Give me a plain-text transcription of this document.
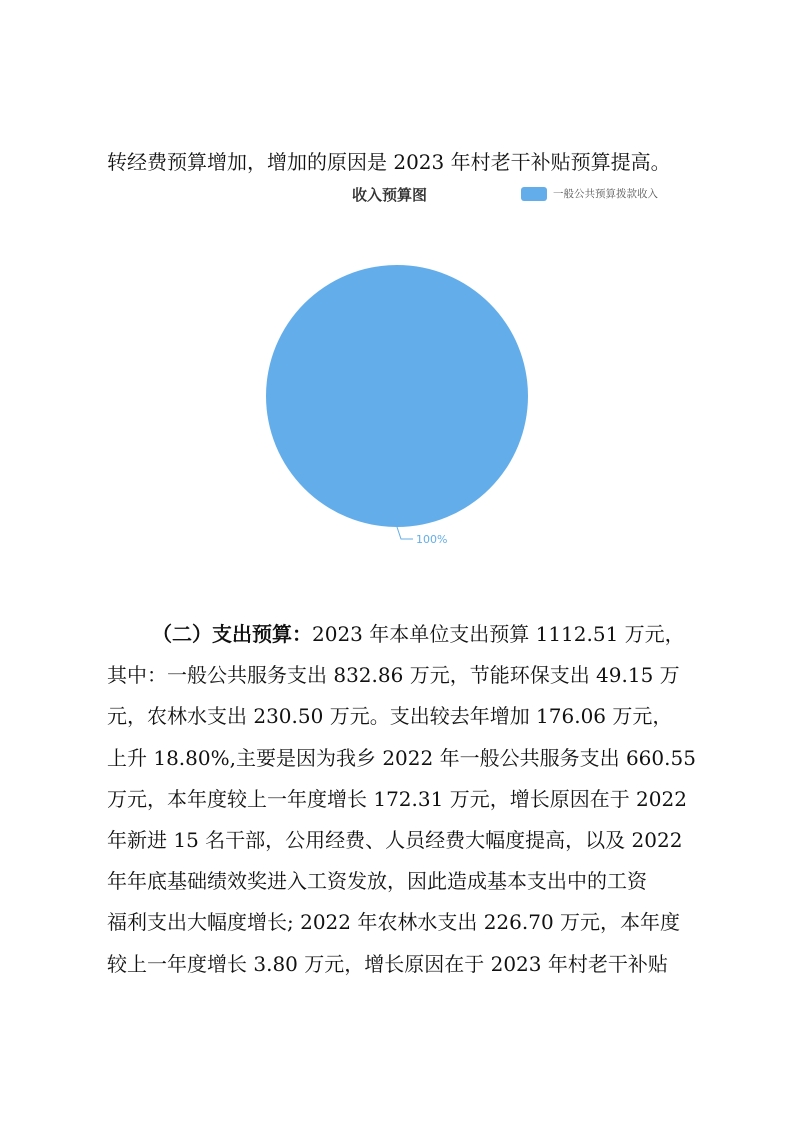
转经费预算增加，增加的原因是 2023 年村老干补贴预算提高。
收入预算图	一般公共预算拨款收入
100%
（二）支出预算：2023 年本单位支出预算 1112.51 万元，
其中：一般公共服务支出 832.86 万元，节能环保支出 49.15 万
元，农林水支出 230.50 万元。支出较去年增加 176.06 万元，
上升 18.80%,主要是因为我乡 2022 年一般公共服务支出 660.55
万元，本年度较上一年度增长 172.31 万元，增长原因在于 2022
年新进 15 名干部，公用经费、人员经费大幅度提高，以及 2022
年年底基础绩效奖进入工资发放，因此造成基本支出中的工资
福利支出大幅度增长; 2022 年农林水支出 226.70 万元，本年度
较上一年度增长 3.80 万元，增长原因在于 2023 年村老干补贴
